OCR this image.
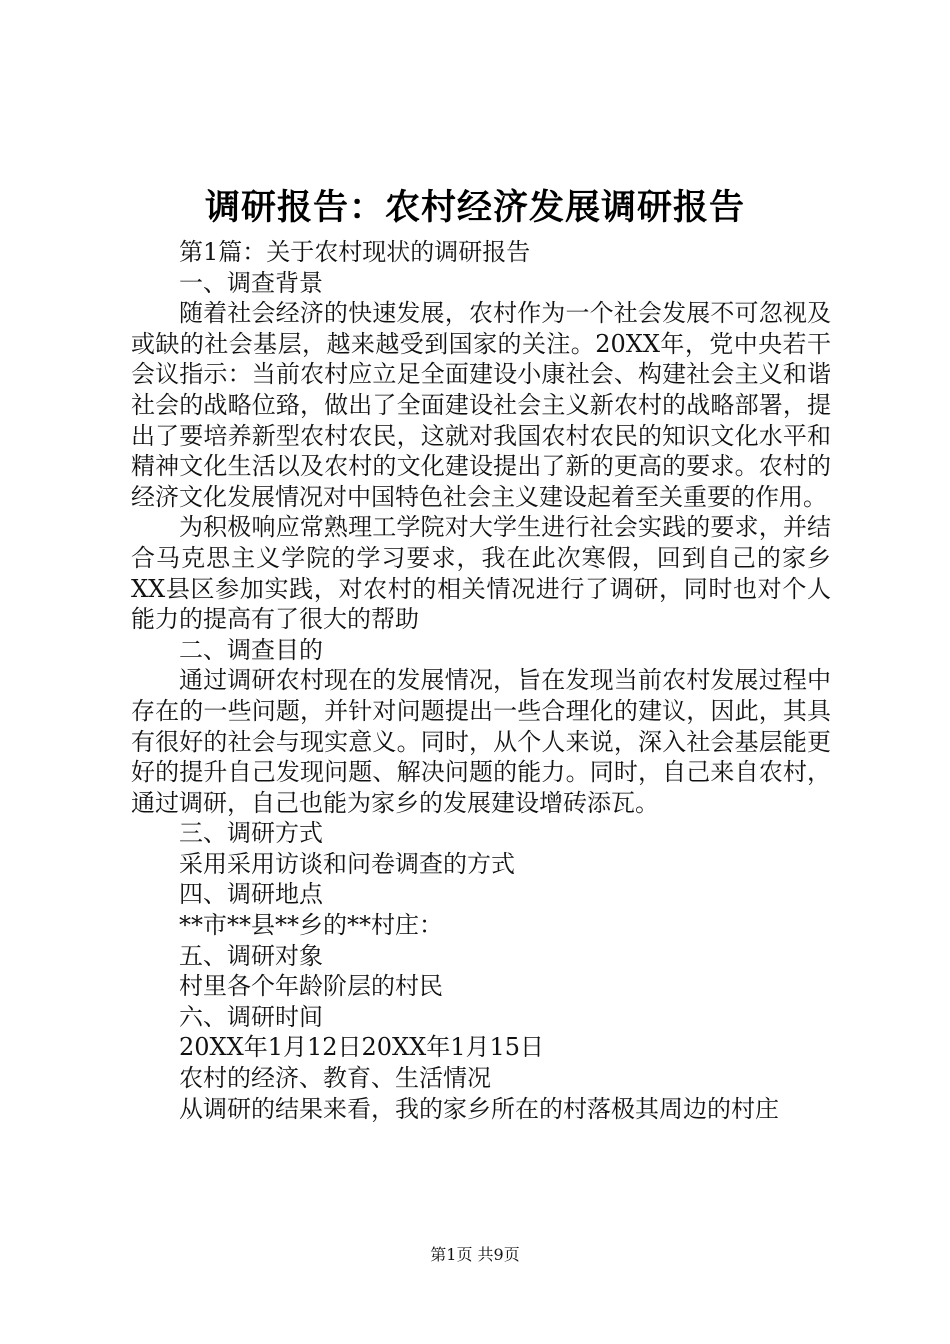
调研报告：农村经济发展调研报告

第1篇：关于农村现状的调研报告

一、调查背景

随着社会经济的快速发展，农村作为一个社会发展不可忽视及或缺的社会基层，越来越受到国家的关注。20XX年，党中央若干会议指示：当前农村应立足全面建设小康社会、构建社会主义和谐社会的战略位臵，做出了全面建设社会主义新农村的战略部署，提出了要培养新型农村农民，这就对我国农村农民的知识文化水平和精神文化生活以及农村的文化建设提出了新的更高的要求。农村的经济文化发展情况对中国特色社会主义建设起着至关重要的作用。

为积极响应常熟理工学院对大学生进行社会实践的要求，并结合马克思主义学院的学习要求，我在此次寒假，回到自己的家乡XX县区参加实践，对农村的相关情况进行了调研，同时也对个人能力的提高有了很大的帮助

二、调查目的

通过调研农村现在的发展情况，旨在发现当前农村发展过程中存在的一些问题，并针对问题提出一些合理化的建议，因此，其具有很好的社会与现实意义。同时，从个人来说，深入社会基层能更好的提升自己发现问题、解决问题的能力。同时，自己来自农村，通过调研，自己也能为家乡的发展建设增砖添瓦。

三、调研方式

采用采用访谈和问卷调查的方式

四、调研地点

**市**县**乡的**村庄：

五、调研对象

村里各个年龄阶层的村民

六、调研时间

20XX年1月12日20XX年1月15日

农村的经济、教育、生活情况

从调研的结果来看，我的家乡所在的村落极其周边的村庄

第1页 共9页
